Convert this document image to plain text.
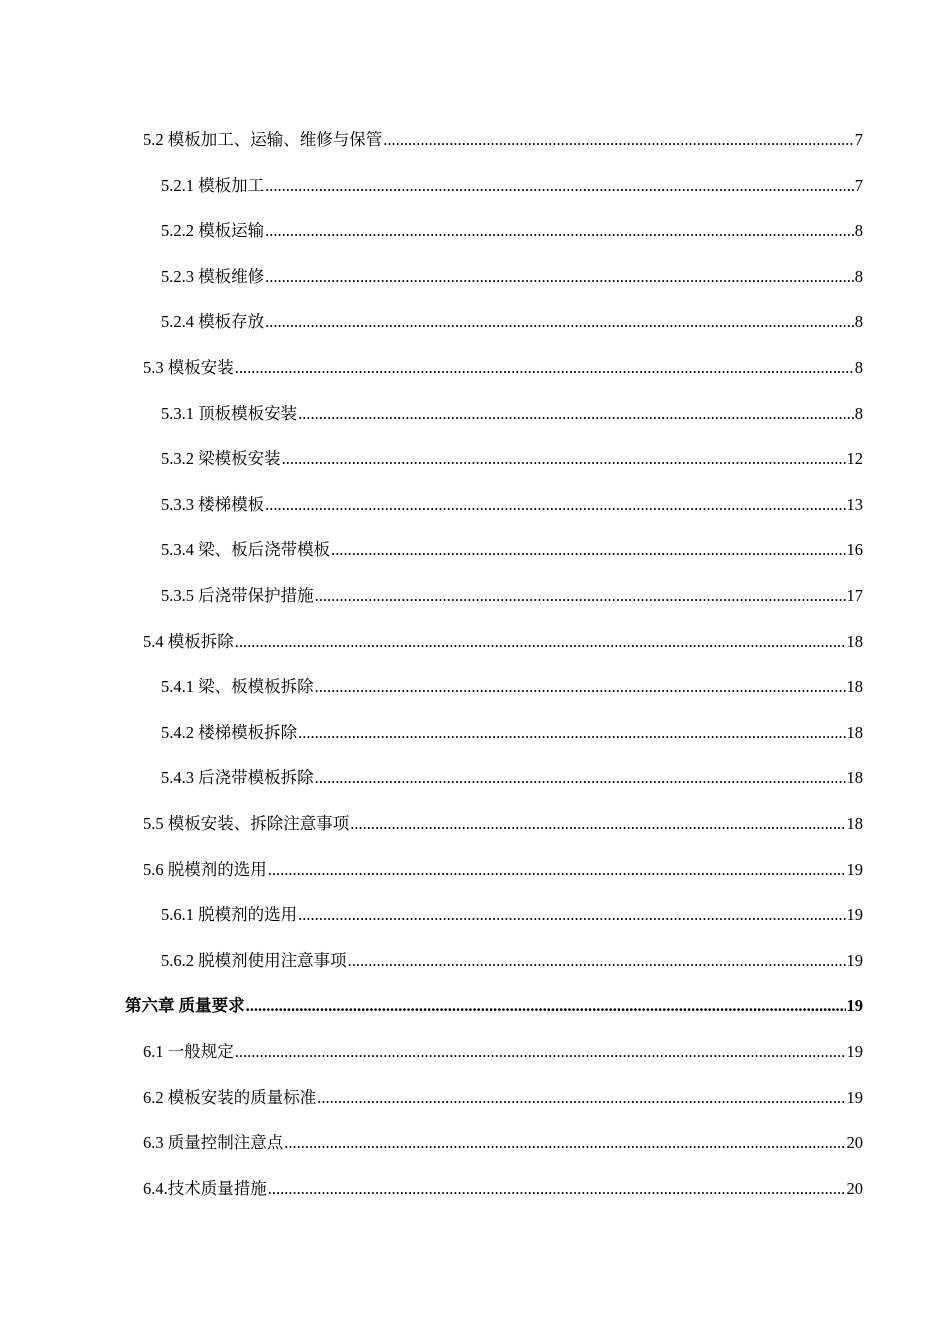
5.2 模板加工、运输、维修与保管 .....	7
5.2.1 模板加工 .....	7
5.2.2 模板运输 .....	8
5.2.3 模板维修 .....	8
5.2.4 模板存放 .....	8
5.3 模板安装 .....	8
5.3.1 顶板模板安装 .....	8
5.3.2 梁模板安装 .....	12
5.3.3 楼梯模板 .....	13
5.3.4 梁、板后浇带模板 .....	16
5.3.5 后浇带保护措施 .....	17
5.4 模板拆除 .....	18
5.4.1 梁、板模板拆除 .....	18
5.4.2 楼梯模板拆除 .....	18
5.4.3 后浇带模板拆除 .....	18
5.5 模板安装、拆除注意事项 .....	18
5.6 脱模剂的选用 .....	19
5.6.1 脱模剂的选用 .....	19
5.6.2 脱模剂使用注意事项 .....	19
第六章 质量要求 .....	19
6.1 一般规定 .....	19
6.2 模板安装的质量标准 .....	19
6.3 质量控制注意点 .....	20
6.4.技术质量措施 .....	20
